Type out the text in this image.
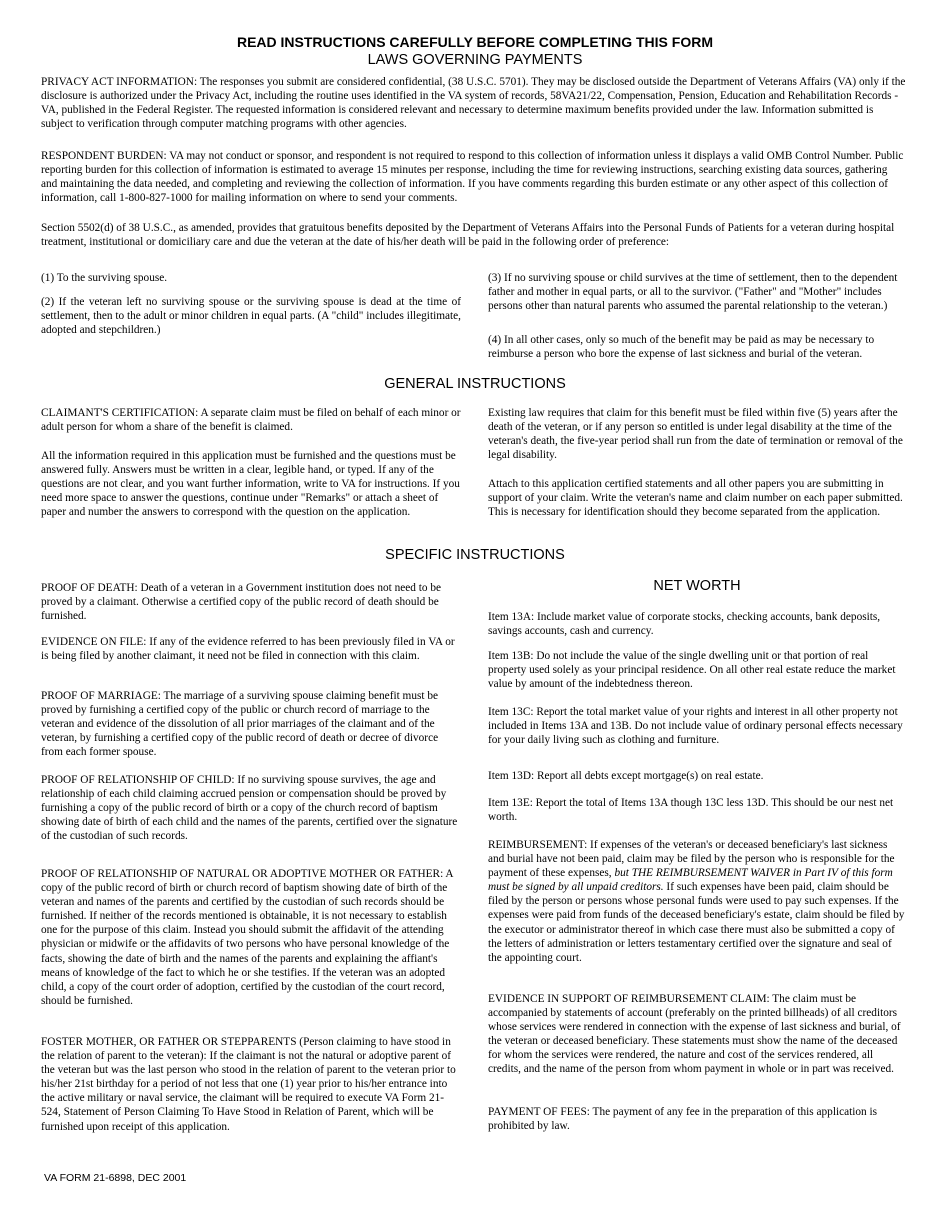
READ INSTRUCTIONS CAREFULLY BEFORE COMPLETING THIS FORM
LAWS GOVERNING PAYMENTS

PRIVACY ACT INFORMATION: The responses you submit are considered confidential, (38 U.S.C. 5701). They may be disclosed outside the Department of Veterans Affairs (VA) only if the disclosure is authorized under the Privacy Act, including the routine uses identified in the VA system of records, 58VA21/22, Compensation, Pension, Education and Rehabilitation Records - VA, published in the Federal Register. The requested information is considered relevant and necessary to determine maximum benefits provided under the law. Information submitted is subject to verification through computer matching programs with other agencies.

RESPONDENT BURDEN: VA may not conduct or sponsor, and respondent is not required to respond to this collection of information unless it displays a valid OMB Control Number. Public reporting burden for this collection of information is estimated to average 15 minutes per response, including the time for reviewing instructions, searching existing data sources, gathering and maintaining the data needed, and completing and reviewing the collection of information. If you have comments regarding this burden estimate or any other aspect of this collection of information, call 1-800-827-1000 for mailing information on where to send your comments.

Section 5502(d) of 38 U.S.C., as amended, provides that gratuitous benefits deposited by the Department of Veterans Affairs into the Personal Funds of Patients for a veteran during hospital treatment, institutional or domiciliary care and due the veteran at the date of his/her death will be paid in the following order of preference:

(1) To the surviving spouse.

(2) If the veteran left no surviving spouse or the surviving spouse is dead at the time of settlement, then to the adult or minor children in equal parts. (A "child" includes illegitimate, adopted and stepchildren.)

(3) If no surviving spouse or child survives at the time of settlement, then to the dependent father and mother in equal parts, or all to the survivor. ("Father" and "Mother" includes persons other than natural parents who assumed the parental relationship to the veteran.)

(4) In all other cases, only so much of the benefit may be paid as may be necessary to reimburse a person who bore the expense of last sickness and burial of the veteran.

GENERAL INSTRUCTIONS

CLAIMANT'S CERTIFICATION: A separate claim must be filed on behalf of each minor or adult person for whom a share of the benefit is claimed.

All the information required in this application must be furnished and the questions must be answered fully. Answers must be written in a clear, legible hand, or typed. If any of the questions are not clear, and you want further information, write to VA for instructions. If you need more space to answer the questions, continue under "Remarks" or attach a sheet of paper and number the answers to correspond with the question on the application.

Existing law requires that claim for this benefit must be filed within five (5) years after the death of the veteran, or if any person so entitled is under legal disability at the time of the veteran's death, the five-year period shall run from the date of termination or removal of the legal disability.

Attach to this application certified statements and all other papers you are submitting in support of your claim. Write the veteran's name and claim number on each paper submitted. This is necessary for identification should they become separated from the application.

SPECIFIC INSTRUCTIONS

PROOF OF DEATH: Death of a veteran in a Government institution does not need to be proved by a claimant. Otherwise a certified copy of the public record of death should be furnished.

EVIDENCE ON FILE: If any of the evidence referred to has been previously filed in VA or is being filed by another claimant, it need not be filed in connection with this claim.

PROOF OF MARRIAGE: The marriage of a surviving spouse claiming benefit must be proved by furnishing a certified copy of the public or church record of marriage to the veteran and evidence of the dissolution of all prior marriages of the claimant and of the veteran, by furnishing a certified copy of the public record of death or decree of divorce from each former spouse.

PROOF OF RELATIONSHIP OF CHILD: If no surviving spouse survives, the age and relationship of each child claiming accrued pension or compensation should be proved by furnishing a copy of the public record of birth or a copy of the church record of baptism showing date of birth of each child and the names of the parents, certified over the signature of the custodian of such records.

PROOF OF RELATIONSHIP OF NATURAL OR ADOPTIVE MOTHER OR FATHER: A copy of the public record of birth or church record of baptism showing date of birth of the veteran and names of the parents and certified by the custodian of such records should be furnished. If neither of the records mentioned is obtainable, it is not necessary to establish one for the purpose of this claim. Instead you should submit the affidavit of the attending physician or midwife or the affidavits of two persons who have personal knowledge of the facts, showing the date of birth and the names of the parents and explaining the affiant's means of knowledge of the fact to which he or she testifies. If the veteran was an adopted child, a copy of the court order of adoption, certified by the custodian of the court record, should be furnished.

FOSTER MOTHER, OR FATHER OR STEPPARENTS (Person claiming to have stood in the relation of parent to the veteran): If the claimant is not the natural or adoptive parent of the veteran but was the last person who stood in the relation of parent to the veteran prior to his/her 21st birthday for a period of not less that one (1) year prior to his/her entrance into the active military or naval service, the claimant will be required to execute VA Form 21-524, Statement of Person Claiming To Have Stood in Relation of Parent, which will be furnished upon receipt of this application.

NET WORTH

Item 13A: Include market value of corporate stocks, checking accounts, bank deposits, savings accounts, cash and currency.

Item 13B: Do not include the value of the single dwelling unit or that portion of real property used solely as your principal residence. On all other real estate reduce the market value by amount of the indebtedness thereon.

Item 13C: Report the total market value of your rights and interest in all other property not included in Items 13A and 13B. Do not include value of ordinary personal effects necessary for your daily living such as clothing and furniture.

Item 13D: Report all debts except mortgage(s) on real estate.

Item 13E: Report the total of Items 13A though 13C less 13D. This should be our nest net worth.

REIMBURSEMENT: If expenses of the veteran's or deceased beneficiary's last sickness and burial have not been paid, claim may be filed by the person who is responsible for the payment of these expenses, but THE REIMBURSEMENT WAIVER in Part IV of this form must be signed by all unpaid creditors. If such expenses have been paid, claim should be filed by the person or persons whose personal funds were used to pay such expenses. If the expenses were paid from funds of the deceased beneficiary's estate, claim should be filed by the executor or administrator thereof in which case there must also be submitted a copy of the letters of administration or letters testamentary certified over the signature and seal of the appointing court.

EVIDENCE IN SUPPORT OF REIMBURSEMENT CLAIM: The claim must be accompanied by statements of account (preferably on the printed billheads) of all creditors whose services were rendered in connection with the expense of last sickness and burial, of the veteran or deceased beneficiary. These statements must show the name of the deceased for whom the services were rendered, the nature and cost of the services rendered, all credits, and the name of the person from whom payment in whole or in part was received.

PAYMENT OF FEES: The payment of any fee in the preparation of this application is prohibited by law.

VA FORM 21-6898, DEC 2001
